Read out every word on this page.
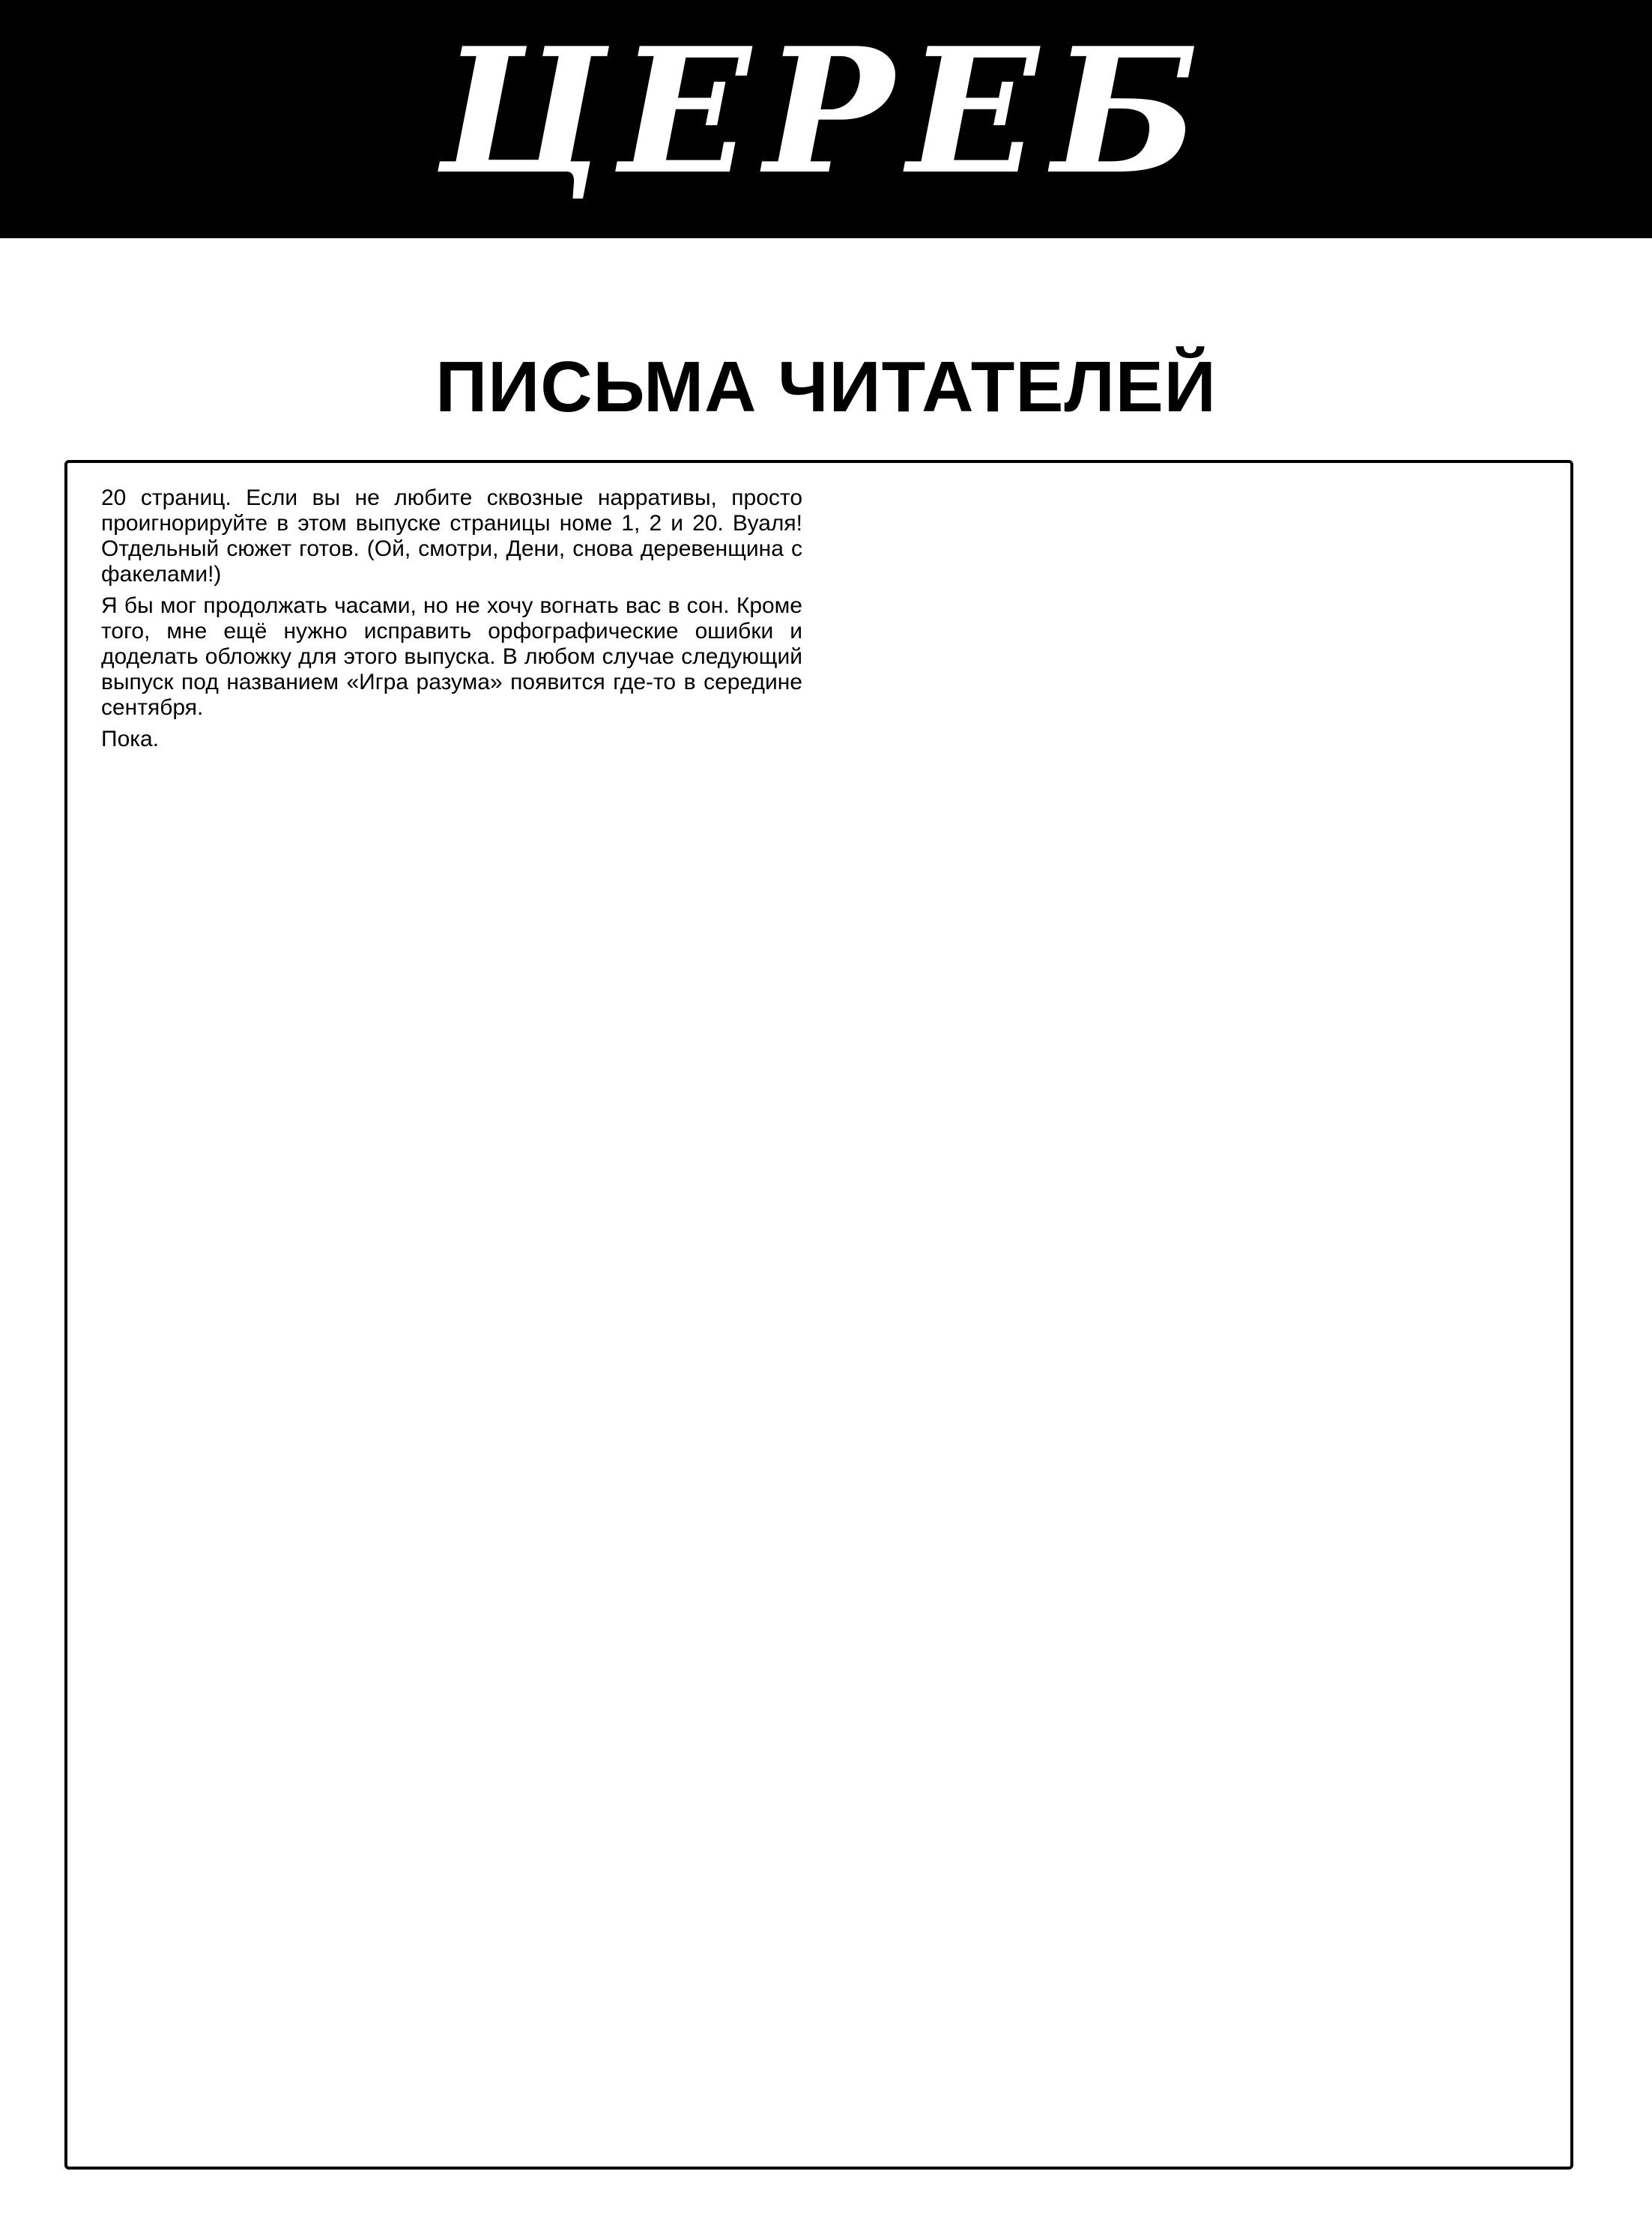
ЦЕРЕБ
ПИСЬМА ЧИТАТЕЛЕЙ

20 страниц. Если вы не любите сквозные нарративы, просто проигнорируйте в этом выпуске страницы номе 1, 2 и 20. Вуаля! Отдельный сюжет готов. (Ой, смотри, Дени, снова деревенщина с факелами!)

Я бы мог продолжать часами, но не хочу вогнать вас в сон. Кроме того, мне ещё нужно исправить орфографические ошибки и доделать обложку для этого выпуска. В любом случае следующий выпуск под названием «Игра разума» появится где-то в середине сентября.

Пока.
